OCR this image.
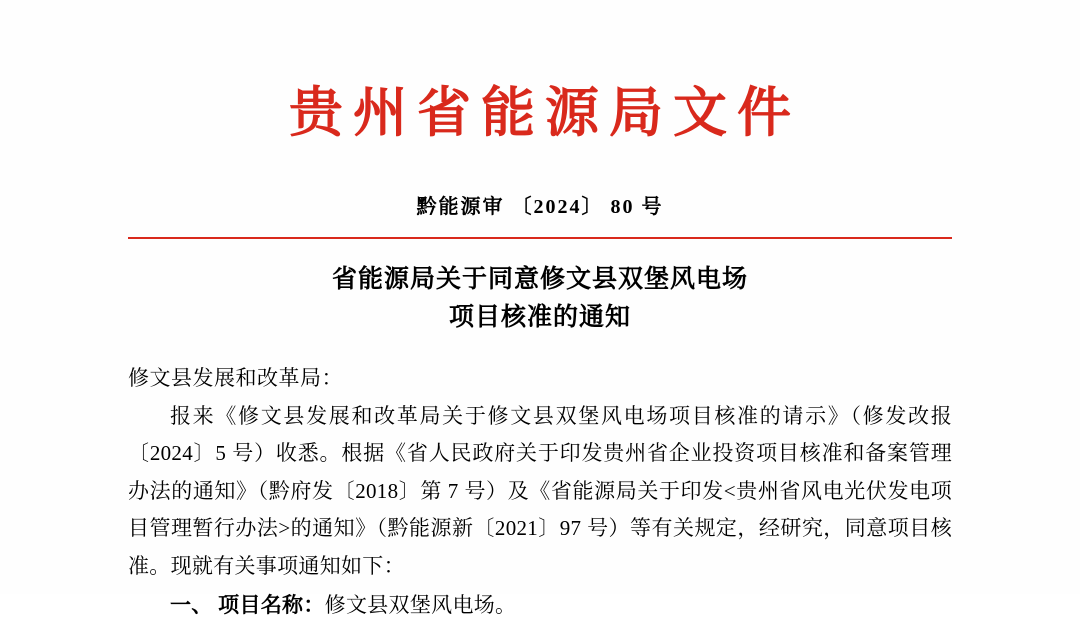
贵州省能源局文件
黔能源审 〔2024〕 80 号
省能源局关于同意修文县双堡风电场
项目核准的通知
修文县发展和改革局：
报来《修文县发展和改革局关于修文县双堡风电场项目核准的请示》（修发改报〔2024〕5 号）收悉。根据《省人民政府关于印发贵州省企业投资项目核准和备案管理办法的通知》（黔府发〔2018〕第 7 号）及《省能源局关于印发<贵州省风电光伏发电项目管理暂行办法>的通知》（黔能源新〔2021〕97 号）等有关规定，经研究，同意项目核准。现就有关事项通知如下：
一、 项目名称：修文县双堡风电场。
